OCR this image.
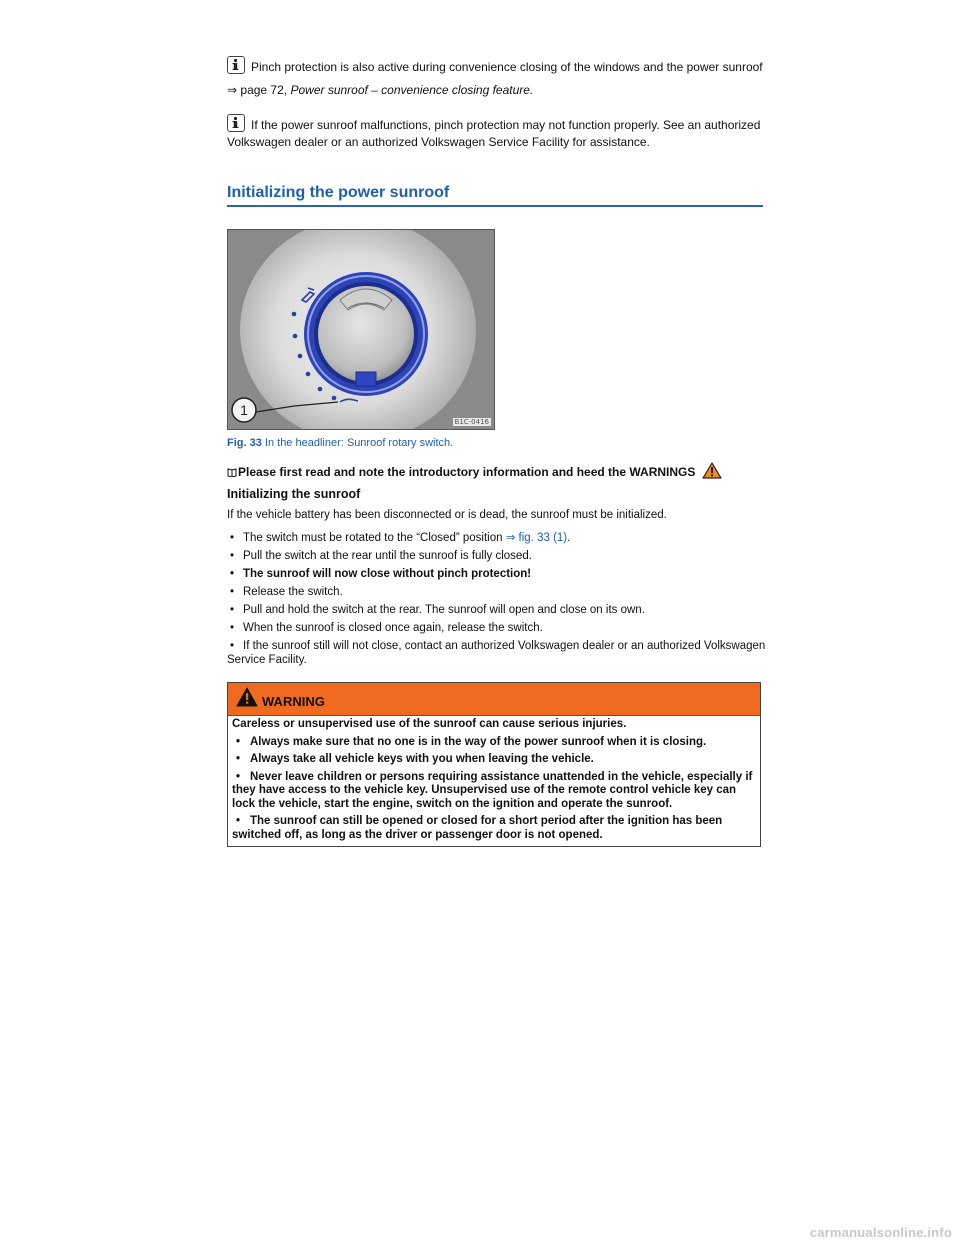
Pinch protection is also active during convenience closing of the windows and the power sunroof
⇒ page 72, Power sunroof – convenience closing feature.
If the power sunroof malfunctions, pinch protection may not function properly. See an authorized Volkswagen dealer or an authorized Volkswagen Service Facility for assistance.
Initializing the power sunroof
1
B1C-0416
Fig. 33 In the headliner: Sunroof rotary switch.
Please first read and note the introductory information and heed the WARNINGS
Initializing the sunroof
If the vehicle battery has been disconnected or is dead, the sunroof must be initialized.
• The switch must be rotated to the “Closed” position ⇒ fig. 33 (1).
• Pull the switch at the rear until the sunroof is fully closed.
• The sunroof will now close without pinch protection!
• Release the switch.
• Pull and hold the switch at the rear. The sunroof will open and close on its own.
• When the sunroof is closed once again, release the switch.
• If the sunroof still will not close, contact an authorized Volkswagen dealer or an authorized Volkswagen Service Facility.
WARNING

Careless or unsupervised use of the sunroof can cause serious injuries.

• Always make sure that no one is in the way of the power sunroof when it is closing.

• Always take all vehicle keys with you when leaving the vehicle.

• Never leave children or persons requiring assistance unattended in the vehicle, especially if they have access to the vehicle key. Unsupervised use of the remote control vehicle key can lock the vehicle, start the engine, switch on the ignition and operate the sunroof.

• The sunroof can still be opened or closed for a short period after the ignition has been switched off, as long as the driver or passenger door is not opened.

carmanualsonline.info
